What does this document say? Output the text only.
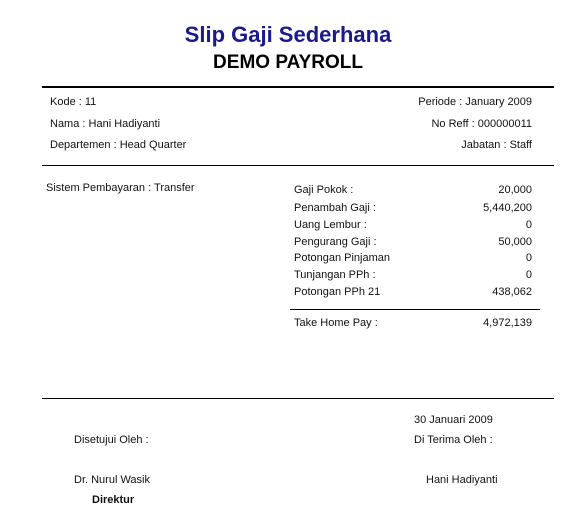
Slip Gaji Sederhana
DEMO PAYROLL
Kode : 11
Nama : Hani Hadiyanti
Departemen : Head Quarter
Periode : January 2009
No Reff : 000000011
Jabatan : Staff
Sistem Pembayaran : Transfer	Gaji Pokok :	20,000
Penambah Gaji :	5,440,200
Uang Lembur :	0
Pengurang Gaji :	50,000
Potongan Pinjaman	0
Tunjangan PPh :	0
Potongan PPh 21	438,062
Take Home Pay :	4,972,139
30 Januari 2009
Disetujui Oleh :	Di Terima Oleh :
Dr. Nurul Wasik	Hani Hadiyanti
Direktur
